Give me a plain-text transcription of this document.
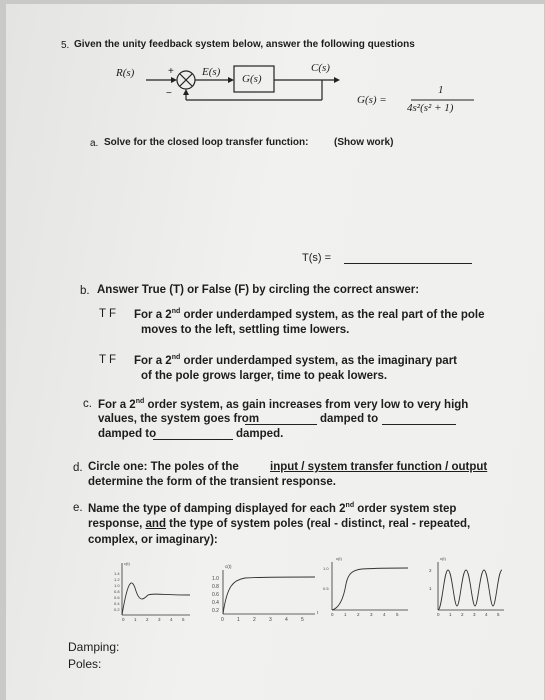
5. Given the unity feedback system below, answer the following questions
R(s)	+
−
E(s)
G(s)
C(s)
G(s) =
1
4s²(s² + 1)
a. Solve for the closed loop transfer function:	(Show work)
T(s) =
b. Answer True (T) or False (F) by circling the correct answer:
T F For a 2nd order underdamped system, as the real part of the pole
moves to the left, settling time lowers.
T F For a 2nd order underdamped system, as the imaginary part
of the pole grows larger, time to peak lowers.
c. For a 2nd order system, as gain increases from very low to very high
values, the system goes from	damped to
damped to	damped.
d. Circle one: The poles of the	input / system transfer function / output
determine the form of the transient response.
e. Name the type of damping displayed for each 2nd order system step
response, and the type of system poles (real - distinct, real - repeated,
complex, or imaginary):
c(t)
1.4
1.2
1.0
0.8
0.6
0.4
0.2
0 1 2 3 4 5
c(t)
t
1.0
0.8
0.6
0.4
0.2
0	1	2	3	4	5
c(t)
1.0
0.5
0 1 2 3 4 5
c(t)
2
1
0 1 2 3 4 5
Damping:
Poles:
